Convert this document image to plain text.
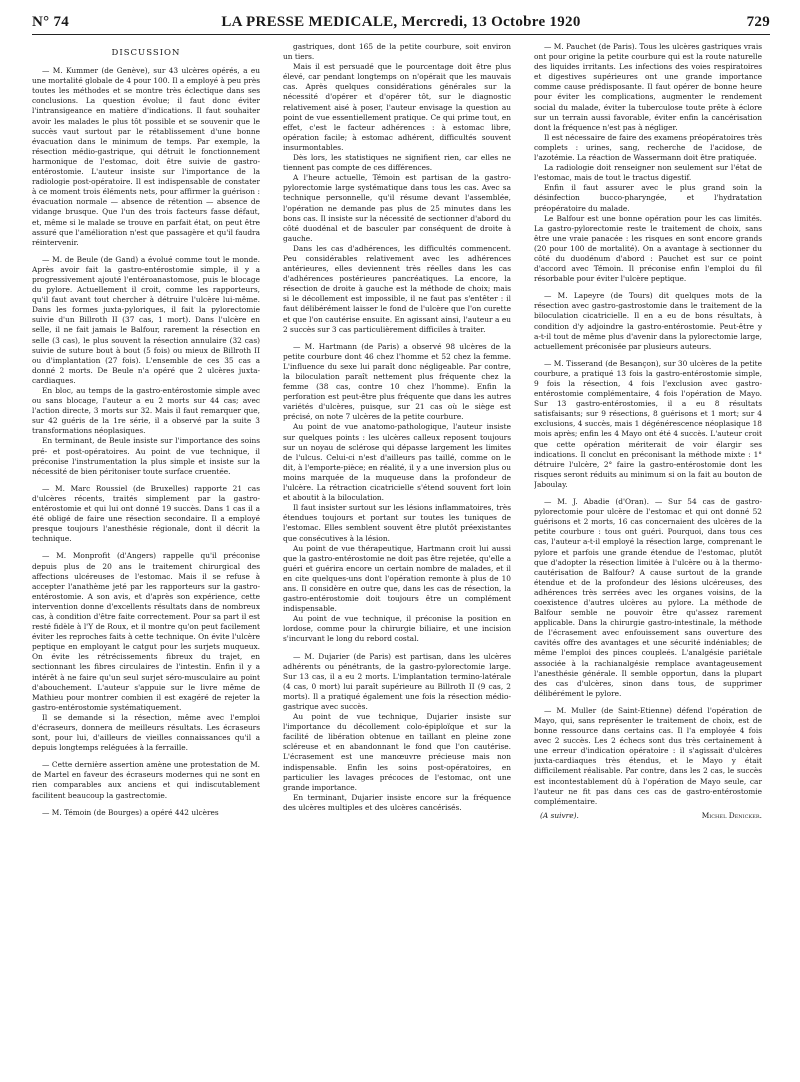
N° 74	LA PRESSE MEDICALE, Mercredi, 13 Octobre 1920	729
DISCUSSION

— M. Kummer (de Genève), sur 43 ulcères opérés, a eu une mortalité globale de 4 pour 100. Il a employé à peu près toutes les méthodes et se montre très éclectique dans ses conclusions. La question évolue; il faut donc éviter l'intransigeance en matière d'indications. Il faut souhaiter avoir les malades le plus tôt possible et se souvenir que le succès vaut surtout par le rétablissement d'une bonne évacuation dans le minimum de temps. Par exemple, la résection médio-gastrique, qui détruit le fonctionnement harmonique de l'estomac, doit être suivie de gastro-entérostomie. L'auteur insiste sur l'importance de la radiologie post-opératoire. Il est indispensable de constater à ce moment trois éléments nets, pour affirmer la guérison : évacuation normale — absence de rétention — absence de vidange brusque. Que l'un des trois facteurs fasse défaut, et, même si le malade se trouve en parfait état, on peut être assuré que l'amélioration n'est que passagère et qu'il faudra réintervenir.

— M. de Beule (de Gand) a évolué comme tout le monde. Après avoir fait la gastro-entérostomie simple, il y a progressivement ajouté l'entéroanastomose, puis le blocage du pylore. Actuellement il croit, comme les rapporteurs, qu'il faut avant tout chercher à détruire l'ulcère lui-même. Dans les formes juxta-pyloriques, il fait la pylorectomie suivie d'un Billroth II (37 cas, 1 mort). Dans l'ulcère en selle, il ne fait jamais le Balfour, rarement la résection en selle (3 cas), le plus souvent la résection annulaire (32 cas) suivie de suture bout à bout (5 fois) ou mieux de Billroth II ou d'implantation (27 fois). L'ensemble de ces 35 cas a donné 2 morts. De Beule n'a opéré que 2 ulcères juxta-cardiaques.

En bloc, au temps de la gastro-entérostomie simple avec ou sans blocage, l'auteur a eu 2 morts sur 44 cas; avec l'action directe, 3 morts sur 32. Mais il faut remarquer que, sur 42 guéris de la 1re série, il a observé par la suite 3 transformations néoplasiques.

En terminant, de Beule insiste sur l'importance des soins pré- et post-opératoires. Au point de vue technique, il préconise l'instrumentation la plus simple et insiste sur la nécessité de bien péritoniser toute surface cruentée.

— M. Marc Roussiel (de Bruxelles) rapporte 21 cas d'ulcères récents, traités simplement par la gastro-entérostomie et qui lui ont donné 19 succès. Dans 1 cas il a été obligé de faire une résection secondaire. Il a employé presque toujours l'anesthésie régionale, dont il décrit la technique.

— M. Monprofit (d'Angers) rappelle qu'il préconise depuis plus de 20 ans le traitement chirurgical des affections ulcéreuses de l'estomac. Mais il se refuse à accepter l'anathème jeté par les rapporteurs sur la gastro-entérostomie. A son avis, et d'après son expérience, cette intervention donne d'excellents résultats dans de nombreux cas, à condition d'être faite correctement. Pour sa part il est resté fidèle à l'Y de Roux, et il montre qu'on peut facilement éviter les reproches faits à cette technique. On évite l'ulcère peptique en employant le catgut pour les surjets muqueux. On évite les rétrécissements fibreux du trajet, en sectionnant les fibres circulaires de l'intestin. Enfin il y a intérêt à ne faire qu'un seul surjet séro-musculaire au point d'abouchement. L'auteur s'appuie sur le livre même de Mathieu pour montrer combien il est exagéré de rejeter la gastro-entérostomie systématiquement.

Il se demande si la résection, même avec l'emploi d'écraseurs, donnera de meilleurs résultats. Les écraseurs sont, pour lui, d'ailleurs de vieilles connaissances qu'il a depuis longtemps reléguées à la ferraille.

— Cette dernière assertion amène une protestation de M. de Martel en faveur des écraseurs modernes qui ne sont en rien comparables aux anciens et qui indiscutablement facilitent beaucoup la gastrectomie.

— M. Témoin (de Bourges) a opéré 442 ulcères

gastriques, dont 165 de la petite courbure, soit environ un tiers.

Mais il est persuadé que le pourcentage doit être plus élevé, car pendant longtemps on n'opérait que les mauvais cas. Après quelques considérations générales sur la nécessité d'opérer et d'opérer tôt, sur le diagnostic relativement aisé à poser, l'auteur envisage la question au point de vue essentiellement pratique. Ce qui prime tout, en effet, c'est le facteur adhérences : à estomac libre, opération facile; à estomac adhérent, difficultés souvent insurmontables.

Dès lors, les statistiques ne signifient rien, car elles ne tiennent pas compte de ces différences.

A l'heure actuelle, Témoin est partisan de la gastro-pylorectomie large systématique dans tous les cas. Avec sa technique personnelle, qu'il résume devant l'assemblée, l'opération ne demande pas plus de 25 minutes dans les bons cas. Il insiste sur la nécessité de sectionner d'abord du côté duodénal et de basculer par conséquent de droite à gauche.

Dans les cas d'adhérences, les difficultés commencent. Peu considérables relativement avec les adhérences antérieures, elles deviennent très réelles dans les cas d'adhérences postérieures pancréatiques. La encore, la résection de droite à gauche est la méthode de choix; mais si le décollement est impossible, il ne faut pas s'entêter : il faut délibérément laisser le fond de l'ulcère que l'on curette et que l'on cautérise ensuite. En agissant ainsi, l'auteur a eu 2 succès sur 3 cas particulièrement difficiles à traiter.

— M. Hartmann (de Paris) a observé 98 ulcères de la petite courbure dont 46 chez l'homme et 52 chez la femme. L'influence du sexe lui paraît donc négligeable. Par contre, la biloculation paraît nettement plus fréquente chez la femme (38 cas, contre 10 chez l'homme). Enfin la perforation est peut-être plus fréquente que dans les autres variétés d'ulcères, puisque, sur 21 cas où le siège est précisé, on note 7 ulcères de la petite courbure.

Au point de vue anatomo-pathologique, l'auteur insiste sur quelques points : les ulcères calleux reposent toujours sur un noyau de sclérose qui dépasse largement les limites de l'ulcus. Celui-ci n'est d'ailleurs pas taillé, comme on le dit, à l'emporte-pièce; en réalité, il y a une inversion plus ou moins marquée de la muqueuse dans la profondeur de l'ulcère. La rétraction cicatricielle s'étend souvent fort loin et aboutit à la biloculation.

Il faut insister surtout sur les lésions inflammatoires, très étendues toujours et portant sur toutes les tuniques de l'estomac. Elles semblent souvent être plutôt préexistantes que consécutives à la lésion.

Au point de vue thérapeutique, Hartmann croit lui aussi que la gastro-entérostomie ne doit pas être rejetée, qu'elle a guéri et guérira encore un certain nombre de malades, et il en cite quelques-uns dont l'opération remonte à plus de 10 ans. Il considère en outre que, dans les cas de résection, la gastro-entérostomie doit toujours être un complément indispensable.

Au point de vue technique, il préconise la position en lordose, comme pour la chirurgie biliaire, et une incision s'incurvant le long du rebord costal.

— M. Dujarier (de Paris) est partisan, dans les ulcères adhérents ou pénétrants, de la gastro-pylorectomie large. Sur 13 cas, il a eu 2 morts. L'implantation termino-latérale (4 cas, 0 mort) lui paraît supérieure au Billroth II (9 cas, 2 morts). Il a pratiqué également une fois la résection médio-gastrique avec succès.

Au point de vue technique, Dujarier insiste sur l'importance du décollement colo-épiploïque et sur la facilité de libération obtenue en taillant en pleine zone scléreuse et en abandonnant le fond que l'on cautérise. L'écrasement est une manœuvre précieuse mais non indispensable. Enfin les soins post-opératoires, en particulier les lavages précoces de l'estomac, ont une grande importance.

En terminant, Dujarier insiste encore sur la fréquence des ulcères multiples et des ulcères cancérisés.

— M. Pauchet (de Paris). Tous les ulcères gastriques vrais ont pour origine la petite courbure qui est la route naturelle des liquides irritants. Les infections des voies respiratoires et digestives supérieures ont une grande importance comme cause prédisposante. Il faut opérer de bonne heure pour éviter les complications, augmenter le rendement social du malade, éviter la tuberculose toute prête à éclore sur un terrain aussi favorable, éviter enfin la cancérisation dont la fréquence n'est pas à négliger.

Il est nécessaire de faire des examens préopératoires très complets : urines, sang, recherche de l'acidose, de l'azotémie. La réaction de Wassermann doit être pratiquée.

La radiologie doit renseigner non seulement sur l'état de l'estomac, mais de tout le tractus digestif.

Enfin il faut assurer avec le plus grand soin la désinfection bucco-pharyngée, et l'hydratation préopératoire du malade.

Le Balfour est une bonne opération pour les cas limités. La gastro-pylorectomie reste le traitement de choix, sans être une vraie panacée : les risques en sont encore grands (20 pour 100 de mortalité). On a avantage à sectionner du côté du duodénum d'abord : Pauchet est sur ce point d'accord avec Témoin. Il préconise enfin l'emploi du fil résorbable pour éviter l'ulcère peptique.

— M. Lapeyre (de Tours) dit quelques mots de la résection avec gastro-gastrostomie dans le traitement de la biloculation cicatricielle. Il en a eu de bons résultats, à condition d'y adjoindre la gastro-entérostomie. Peut-être y a-t-il tout de même plus d'avenir dans la pylorectomie large, actuellement préconisée par plusieurs auteurs.

— M. Tisserand (de Besançon), sur 30 ulcères de la petite courbure, a pratiqué 13 fois la gastro-entérostomie simple, 9 fois la résection, 4 fois l'exclusion avec gastro-entérostomie complémentaire, 4 fois l'opération de Mayo. Sur 13 gastro-entérostomies, il a eu 8 résultats satisfaisants; sur 9 résections, 8 guérisons et 1 mort; sur 4 exclusions, 4 succès, mais 1 dégénérescence néoplasique 18 mois après; enfin les 4 Mayo ont été 4 succès. L'auteur croit que cette opération mériterait de voir élargir ses indications. Il conclut en préconisant la méthode mixte : 1° détruire l'ulcère, 2° faire la gastro-entérostomie dont les risques seront réduits au minimum si on la fait au bouton de Jaboulay.

— M. J. Abadie (d'Oran). — Sur 54 cas de gastro-pylorectomie pour ulcère de l'estomac et qui ont donné 52 guérisons et 2 morts, 16 cas concernaient des ulcères de la petite courbure : tous ont guéri. Pourquoi, dans tous ces cas, l'auteur a-t-il employé la résection large, comprenant le pylore et parfois une grande étendue de l'estomac, plutôt que d'adopter la résection limitée à l'ulcère ou à la thermo-cautérisation de Balfour? A cause surtout de la grande étendue et de la profondeur des lésions ulcéreuses, des adhérences très serrées avec les organes voisins, de la coexistence d'autres ulcères au pylore. La méthode de Balfour semble ne pouvoir être qu'assez rarement applicable. Dans la chirurgie gastro-intestinale, la méthode de l'écrasement avec enfouissement sans ouverture des cavités offre des avantages et une sécurité indéniables; de même l'emploi des pinces coupleés. L'analgésie pariétale associée à la rachianalgésie remplace avantageusement l'anesthésie générale. Il semble opportun, dans la plupart des cas d'ulcères, sinon dans tous, de supprimer délibérément le pylore.

— M. Muller (de Saint-Etienne) défend l'opération de Mayo, qui, sans représenter le traitement de choix, est de bonne ressource dans certains cas. Il l'a employée 4 fois avec 2 succès. Les 2 échecs sont dus très certainement à une erreur d'indication opératoire : il s'agissait d'ulcères juxta-cardiaques très étendus, et le Mayo y était difficilement réalisable. Par contre, dans les 2 cas, le succès est incontestablement dû à l'opération de Mayo seule, car l'auteur ne fit pas dans ces cas de gastro-entérostomie complémentaire.

(A suivre).	Michel Denicker.
